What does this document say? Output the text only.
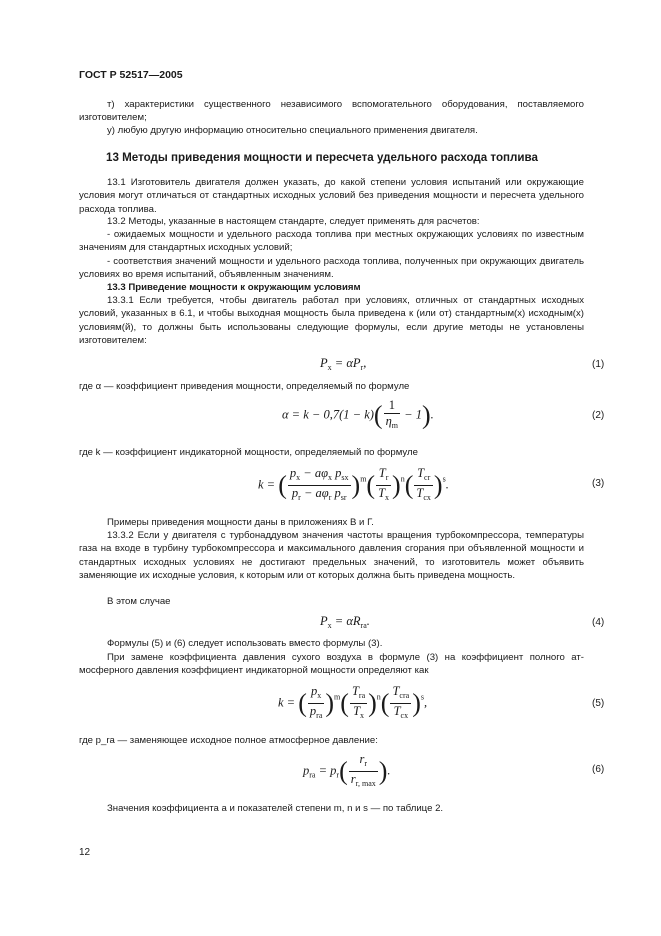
ГОСТ Р 52517—2005
т) характеристики существенного независимого вспомогательного оборудования, поставляемого изготовителем;
у) любую другую информацию относительно специального применения двигателя.
13 Методы приведения мощности и пересчета удельного расхода топлива
13.1 Изготовитель двигателя должен указать, до какой степени условия испытаний или окружающие условия могут отличаться от стандартных исходных условий без приведения мощности и пересчета удельного расхода топлива.
13.2 Методы, указанные в настоящем стандарте, следует применять для расчетов:
- ожидаемых мощности и удельного расхода топлива при местных окружающих условиях по известным значениям для стандартных исходных условий;
- соответствия значений мощности и удельного расхода топлива, полученных при окружающих двигатель условиях во время испытаний, объявленным значениям.
13.3 Приведение мощности к окружающим условиям
13.3.1 Если требуется, чтобы двигатель работал при условиях, отличных от стандартных исходных условий, указанных в 6.1, и чтобы выходная мощность была приведена к (или от) стандартным(х) исходным(х) условиям(й), то должны быть использованы следующие формулы, если другие методы не установлены изготовителем:
$P_x = \alpha P_r$,	(1)
где α — коэффициент приведения мощности, определяемый по формуле
$\alpha = k - 0,7(1 - k)( \frac{1}{\eta_m} - 1)$.	(2)
где k — коэффициент индикаторной мощности, определяемый по формуле
k = ( $\frac{p_x - a\varphi_x p_{sx}}{p_r - a\varphi_r p_{sr}} )^m( \frac{T_r}{T_x} )^n( \frac{T_{cr}}{T_{cx}} )^s$.	(3)
Примеры приведения мощности даны в приложениях В и Г.
13.3.2 Если у двигателя с турбонаддувом значения частоты вращения турбокомпрессора, температуры газа на входе в турбину турбокомпрессора и максимального давления сгорания при объявленной мощности и стандартных исходных условиях не достигают предельных значений, то изготовитель может объявить заменяющие их исходные условия, к которым или от которых должна быть приведена мощность.
В этом случае
$P_x = \alpha R_{ra}$.	(4)
Формулы (5) и (6) следует использовать вместо формулы (3).
При замене коэффициента давления сухого воздуха в формуле (3) на коэффициент полного атмосферного давления коэффициент индикаторной мощности определяют как
k = ( $\frac{p_x}{p_{ra}} )^m( \frac{T_{ra}}{T_x} )^n( \frac{T_{cra}}{T_{cx}} )^s$,	(5)
где p_ra — заменяющее исходное полное атмосферное давление:
$p_{ra} = p_r( \frac{r_r}{r_{r, max}}$ ).	(6)
Значения коэффициента a и показателей степени m, n и s — по таблице 2.
12
